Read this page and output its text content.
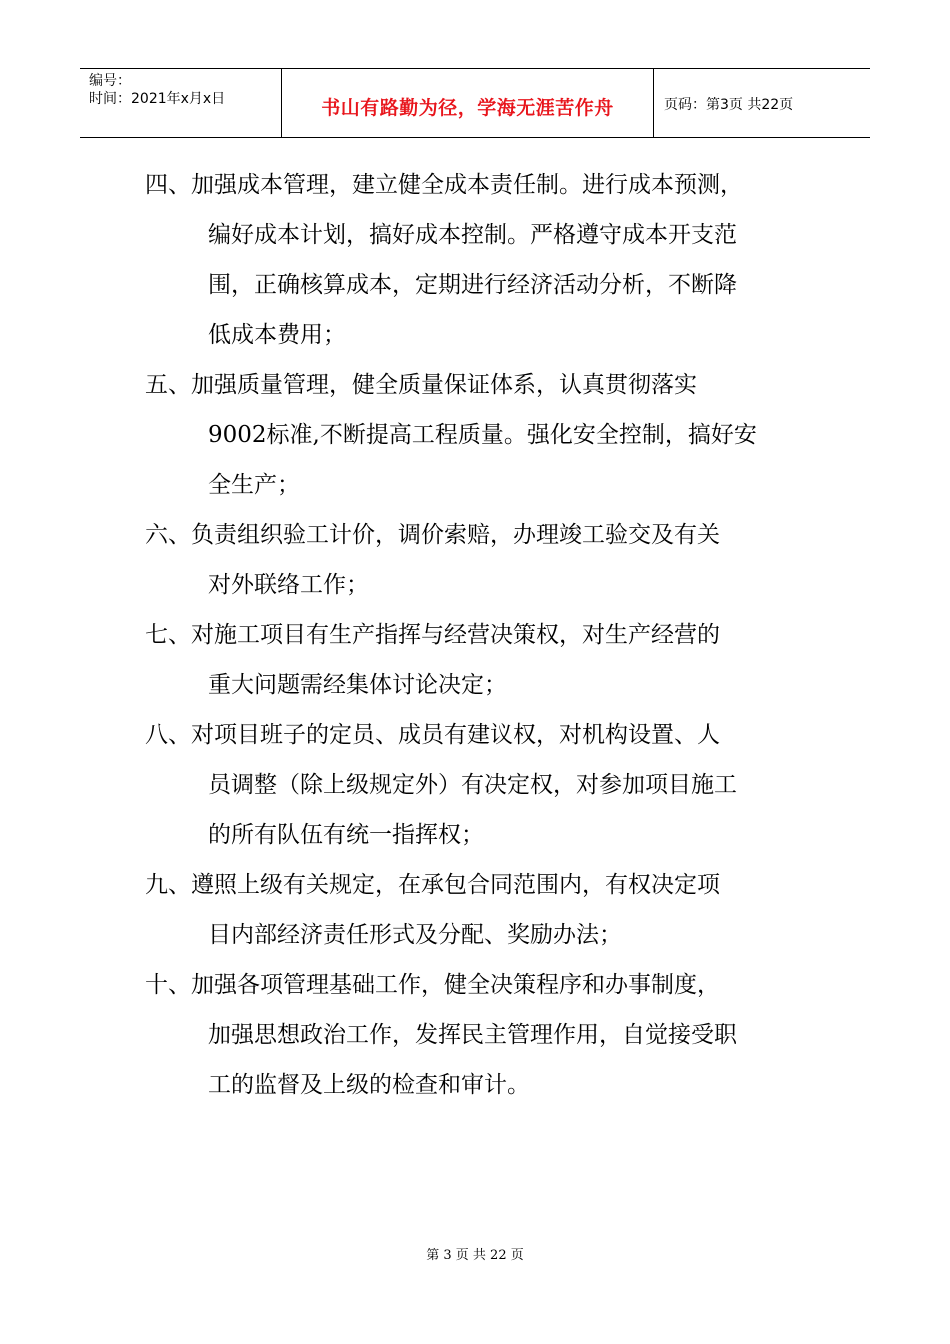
编号：
时间：2021年x月x日	书山有路勤为径，学海无涯苦作舟	页码：第3页 共22页
四、加强成本管理，建立健全成本责任制。进行成本预测，
编好成本计划，搞好成本控制。严格遵守成本开支范
围，正确核算成本，定期进行经济活动分析，不断降
低成本费用；
五、加强质量管理，健全质量保证体系，认真贯彻落实
9002标准,不断提高工程质量。强化安全控制，搞好安
全生产；
六、负责组织验工计价，调价索赔，办理竣工验交及有关
对外联络工作；
七、对施工项目有生产指挥与经营决策权，对生产经营的
重大问题需经集体讨论决定；
八、对项目班子的定员、成员有建议权，对机构设置、人
员调整（除上级规定外）有决定权，对参加项目施工
的所有队伍有统一指挥权；
九、遵照上级有关规定，在承包合同范围内，有权决定项
目内部经济责任形式及分配、奖励办法；
十、加强各项管理基础工作，健全决策程序和办事制度，
加强思想政治工作，发挥民主管理作用，自觉接受职
工的监督及上级的检查和审计。
第 3 页 共 22 页
